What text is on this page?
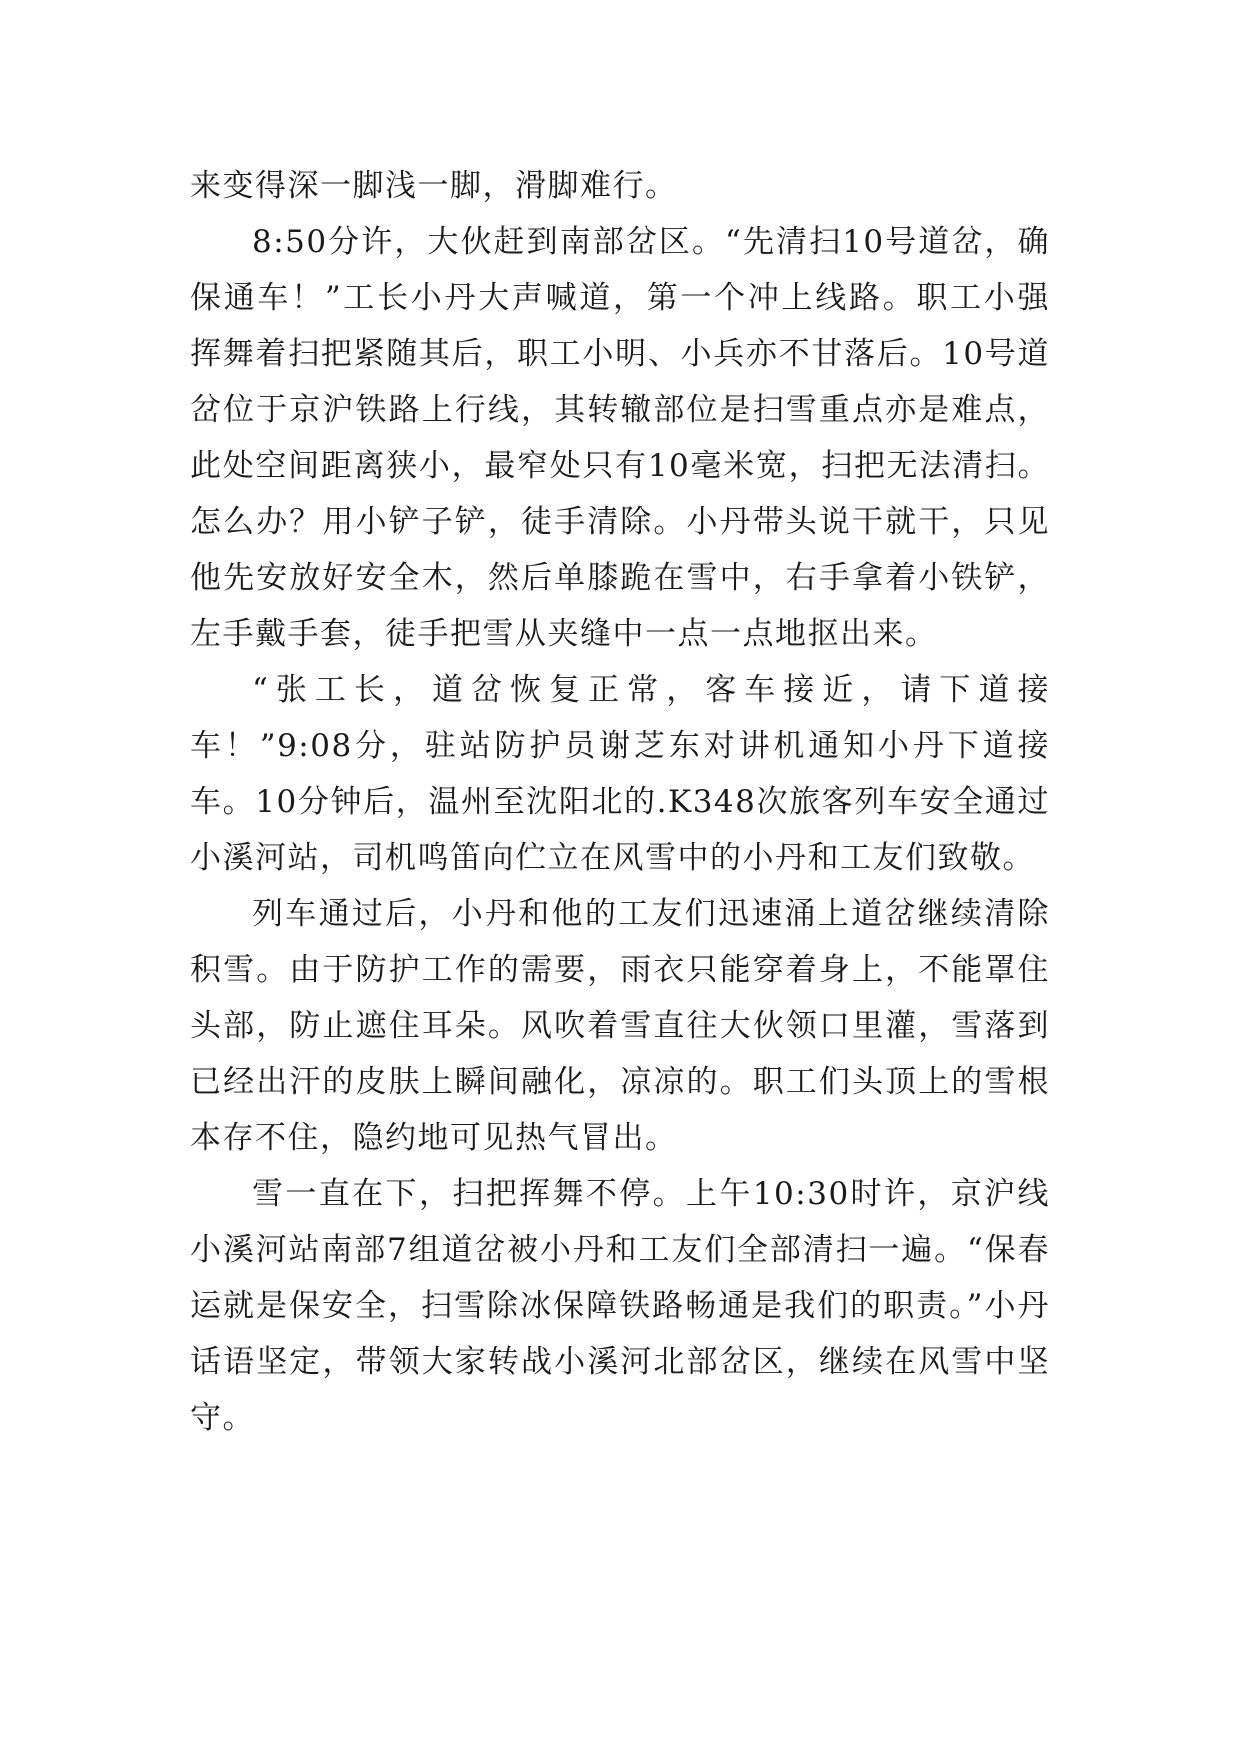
来变得深一脚浅一脚，滑脚难行。

8:50分许，大伙赶到南部岔区。“先清扫10号道岔，确保通车！”工长小丹大声喊道，第一个冲上线路。职工小强挥舞着扫把紧随其后，职工小明、小兵亦不甘落后。10号道岔位于京沪铁路上行线，其转辙部位是扫雪重点亦是难点，此处空间距离狭小，最窄处只有10毫米宽，扫把无法清扫。怎么办？用小铲子铲，徒手清除。小丹带头说干就干，只见他先安放好安全木，然后单膝跪在雪中，右手拿着小铁铲，左手戴手套，徒手把雪从夹缝中一点一点地抠出来。

“张工长，道岔恢复正常，客车接近，请下道接车！”9:08分，驻站防护员谢芝东对讲机通知小丹下道接车。10分钟后，温州至沈阳北的.K348次旅客列车安全通过小溪河站，司机鸣笛向伫立在风雪中的小丹和工友们致敬。

列车通过后，小丹和他的工友们迅速涌上道岔继续清除积雪。由于防护工作的需要，雨衣只能穿着身上，不能罩住头部，防止遮住耳朵。风吹着雪直往大伙领口里灌，雪落到已经出汗的皮肤上瞬间融化，凉凉的。职工们头顶上的雪根本存不住，隐约地可见热气冒出。

雪一直在下，扫把挥舞不停。上午10:30时许，京沪线小溪河站南部7组道岔被小丹和工友们全部清扫一遍。“保春运就是保安全，扫雪除冰保障铁路畅通是我们的职责。”小丹话语坚定，带领大家转战小溪河北部岔区，继续在风雪中坚守。
